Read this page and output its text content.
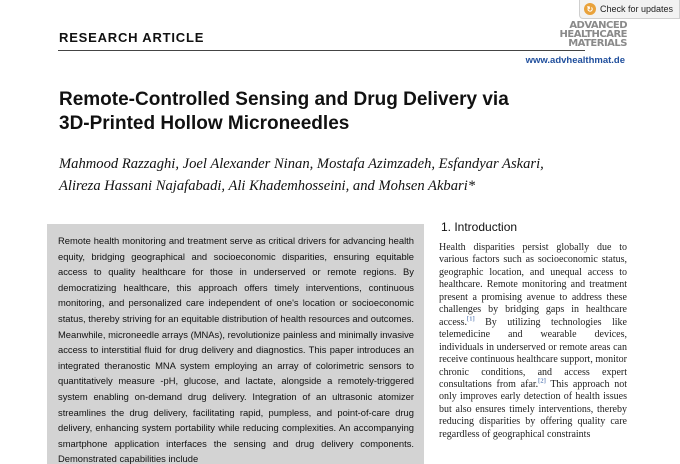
↻ Check for updates
RESEARCH ARTICLE
ADVANCED
HEALTHCARE
MATERIALS
www.advhealthmat.de
Remote-Controlled Sensing and Drug Delivery via
3D-Printed Hollow Microneedles
Mahmood Razzaghi, Joel Alexander Ninan, Mostafa Azimzadeh, Esfandyar Askari,
Alireza Hassani Najafabadi, Ali Khademhosseini, and Mohsen Akbari*

Remote health monitoring and treatment serve as critical drivers for advancing health equity, bridging geographical and socioeconomic disparities, ensuring equitable access to quality healthcare for those in underserved or remote regions. By democratizing healthcare, this approach offers timely interventions, continuous monitoring, and personalized care independent of one's location or socioeconomic status, thereby striving for an equitable distribution of health resources and outcomes. Meanwhile, microneedle arrays (MNAs), revolutionize painless and minimally invasive access to interstitial fluid for drug delivery and diagnostics. This paper introduces an integrated theranostic MNA system employing an array of colorimetric sensors to quantitatively measure -pH, glucose, and lactate, alongside a remotely-triggered system enabling on-demand drug delivery. Integration of an ultrasonic atomizer streamlines the drug delivery, facilitating rapid, pumpless, and point-of-care drug delivery, enhancing system portability while reducing complexities. An accompanying smartphone application interfaces the sensing and drug delivery components. Demonstrated capabilities include

1. Introduction
Health disparities persist globally due to various factors such as socioeconomic status, geographic location, and unequal access to healthcare. Remote monitoring and treatment present a promising avenue to address these challenges by bridging gaps in healthcare access.[1] By utilizing technologies like telemedicine and wearable devices, individuals in underserved or remote areas can receive continuous healthcare support, monitor chronic conditions, and access expert consultations from afar.[2] This approach not only improves early detection of health issues but also ensures timely interventions, thereby reducing disparities by offering quality care regardless of geographical constraints
